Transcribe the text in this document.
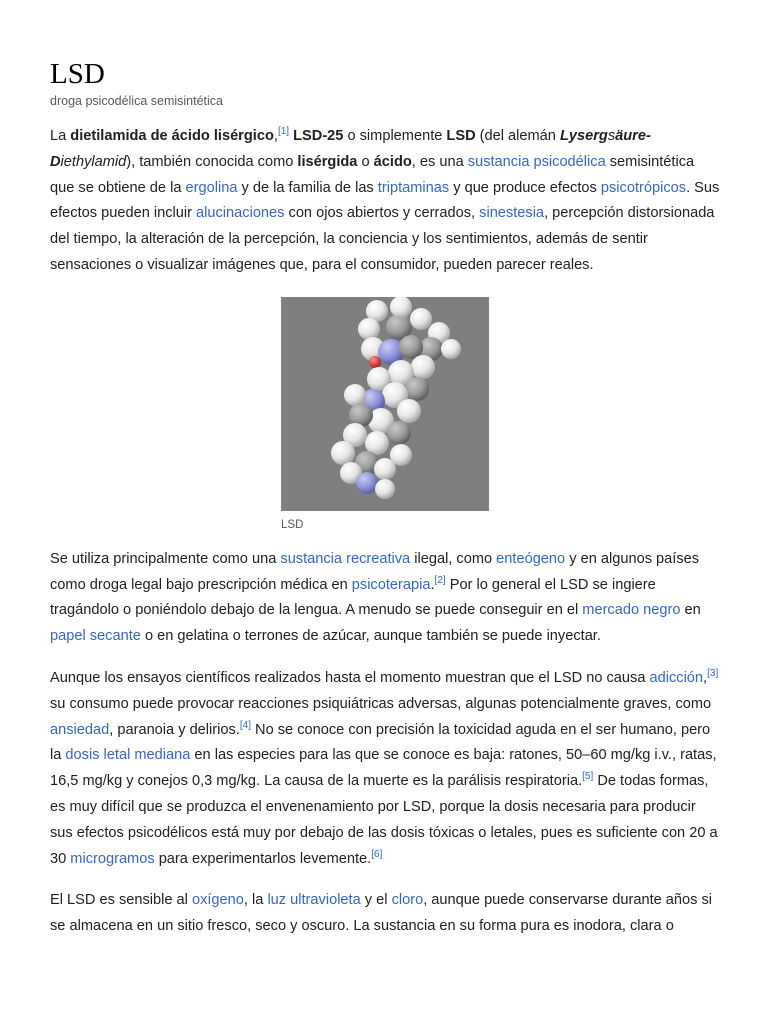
LSD
droga psicodélica semisintética

La dietilamida de ácido lisérgico,[1] LSD-25 o simplemente LSD (del alemán Lysergsäure-Diethylamid), también conocida como lisérgida o ácido, es una sustancia psicodélica semisintética que se obtiene de la ergolina y de la familia de las triptaminas y que produce efectos psicotrópicos. Sus efectos pueden incluir alucinaciones con ojos abiertos y cerrados, sinestesia, percepción distorsionada del tiempo, la alteración de la percepción, la conciencia y los sentimientos, además de sentir sensaciones o visualizar imágenes que, para el consumidor, pueden parecer reales.

LSD

Se utiliza principalmente como una sustancia recreativa ilegal, como enteógeno y en algunos países como droga legal bajo prescripción médica en psicoterapia.[2] Por lo general el LSD se ingiere tragándolo o poniéndolo debajo de la lengua. A menudo se puede conseguir en el mercado negro en papel secante o en gelatina o terrones de azúcar, aunque también se puede inyectar.

Aunque los ensayos científicos realizados hasta el momento muestran que el LSD no causa adicción,[3] su consumo puede provocar reacciones psiquiátricas adversas, algunas potencialmente graves, como ansiedad, paranoia y delirios.[4] No se conoce con precisión la toxicidad aguda en el ser humano, pero la dosis letal mediana en las especies para las que se conoce es baja: ratones, 50–60 mg/kg i.v., ratas, 16,5 mg/kg y conejos 0,3 mg/kg. La causa de la muerte es la parálisis respiratoria.[5] De todas formas, es muy difícil que se produzca el envenenamiento por LSD, porque la dosis necesaria para producir sus efectos psicodélicos está muy por debajo de las dosis tóxicas o letales, pues es suficiente con 20 a 30 microgramos para experimentarlos levemente.[6]

El LSD es sensible al oxígeno, la luz ultravioleta y el cloro, aunque puede conservarse durante años si se almacena en un sitio fresco, seco y oscuro. La sustancia en su forma pura es inodora, clara o
